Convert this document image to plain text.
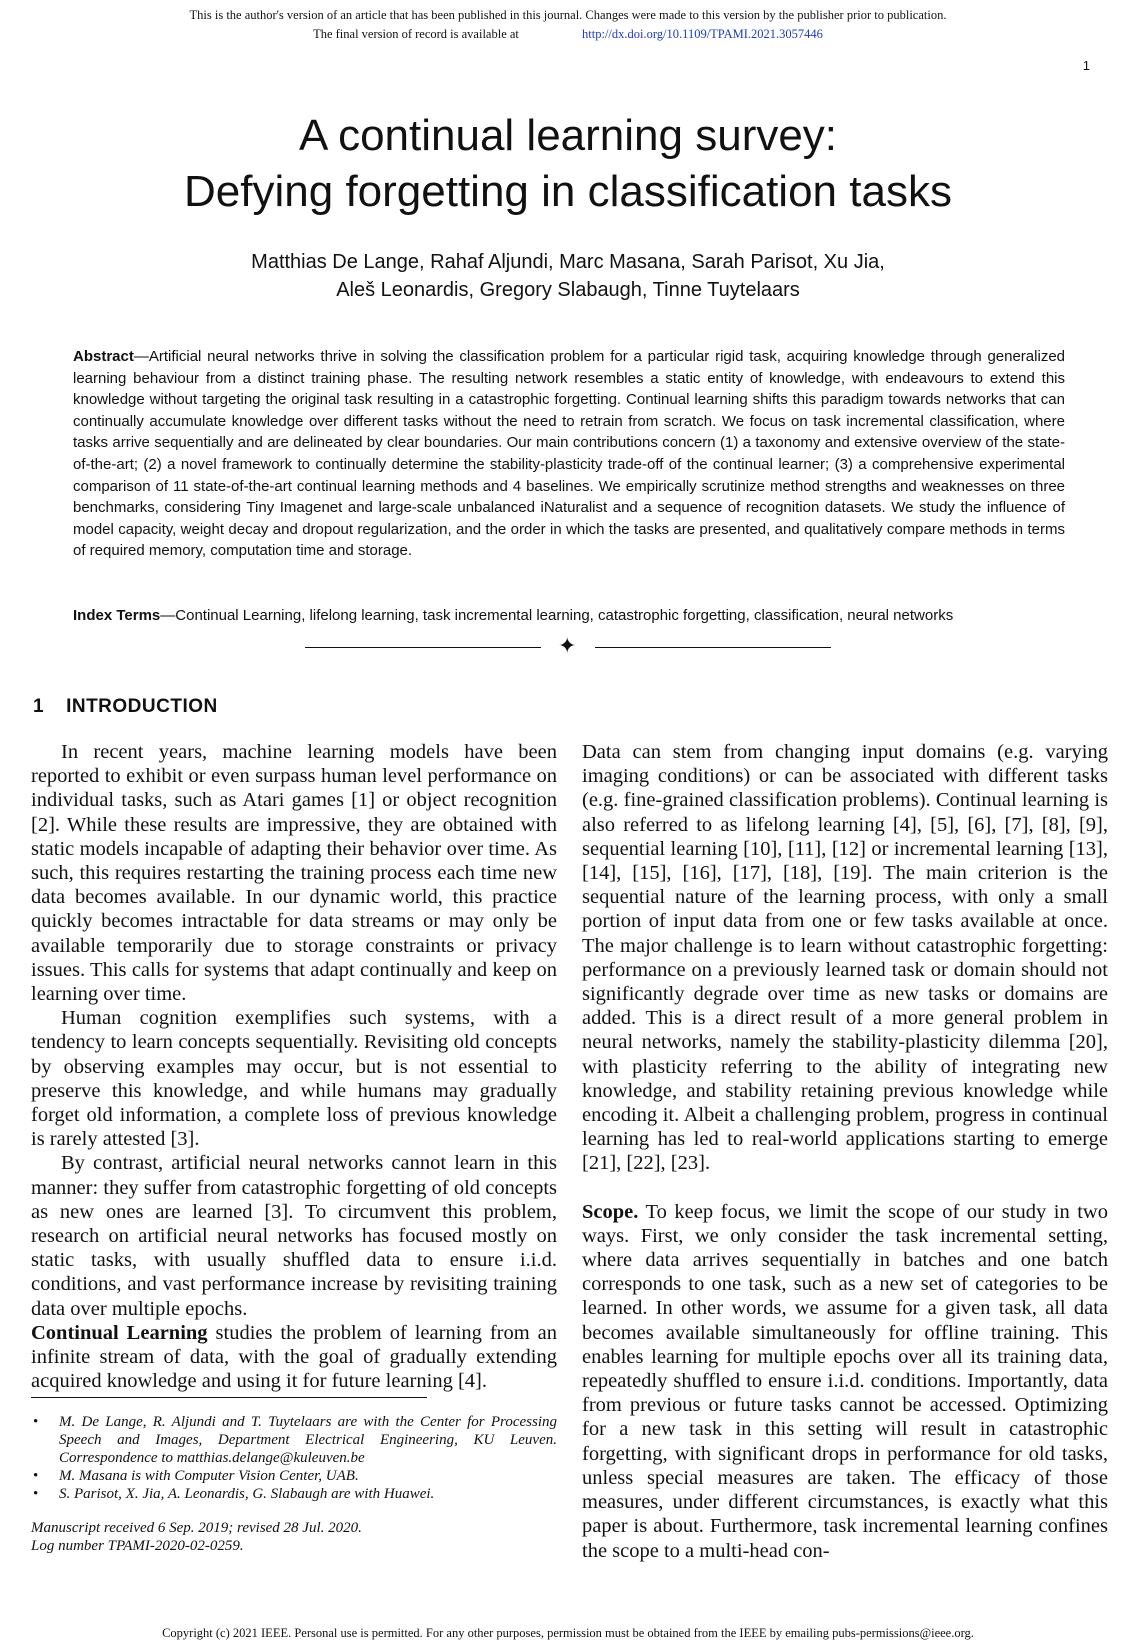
This is the author's version of an article that has been published in this journal. Changes were made to this version by the publisher prior to publication.
The final version of record is available at	http://dx.doi.org/10.1109/TPAMI.2021.3057446
1
A continual learning survey:
Defying forgetting in classification tasks
Matthias De Lange, Rahaf Aljundi, Marc Masana, Sarah Parisot, Xu Jia,
Aleš Leonardis, Gregory Slabaugh, Tinne Tuytelaars
Abstract—Artificial neural networks thrive in solving the classification problem for a particular rigid task, acquiring knowledge through generalized learning behaviour from a distinct training phase. The resulting network resembles a static entity of knowledge, with endeavours to extend this knowledge without targeting the original task resulting in a catastrophic forgetting. Continual learning shifts this paradigm towards networks that can continually accumulate knowledge over different tasks without the need to retrain from scratch. We focus on task incremental classification, where tasks arrive sequentially and are delineated by clear boundaries. Our main contributions concern (1) a taxonomy and extensive overview of the state-of-the-art; (2) a novel framework to continually determine the stability-plasticity trade-off of the continual learner; (3) a comprehensive experimental comparison of 11 state-of-the-art continual learning methods and 4 baselines. We empirically scrutinize method strengths and weaknesses on three benchmarks, considering Tiny Imagenet and large-scale unbalanced iNaturalist and a sequence of recognition datasets. We study the influence of model capacity, weight decay and dropout regularization, and the order in which the tasks are presented, and qualitatively compare methods in terms of required memory, computation time and storage.
Index Terms—Continual Learning, lifelong learning, task incremental learning, catastrophic forgetting, classification, neural networks
✦
1 INTRODUCTION

In recent years, machine learning models have been reported to exhibit or even surpass human level performance on individual tasks, such as Atari games [1] or object recognition [2]. While these results are impressive, they are obtained with static models incapable of adapting their behavior over time. As such, this requires restarting the training process each time new data becomes available. In our dynamic world, this practice quickly becomes intractable for data streams or may only be available temporarily due to storage constraints or privacy issues. This calls for systems that adapt continually and keep on learning over time.

Human cognition exemplifies such systems, with a tendency to learn concepts sequentially. Revisiting old concepts by observing examples may occur, but is not essential to preserve this knowledge, and while humans may gradually forget old information, a complete loss of previous knowledge is rarely attested [3].

By contrast, artificial neural networks cannot learn in this manner: they suffer from catastrophic forgetting of old concepts as new ones are learned [3]. To circumvent this problem, research on artificial neural networks has focused mostly on static tasks, with usually shuffled data to ensure i.i.d. conditions, and vast performance increase by revisiting training data over multiple epochs.

Continual Learning studies the problem of learning from an infinite stream of data, with the goal of gradually extending acquired knowledge and using it for future learning [4].

Data can stem from changing input domains (e.g. varying imaging conditions) or can be associated with different tasks (e.g. fine-grained classification problems). Continual learning is also referred to as lifelong learning [4], [5], [6], [7], [8], [9], sequential learning [10], [11], [12] or incremental learning [13], [14], [15], [16], [17], [18], [19]. The main criterion is the sequential nature of the learning process, with only a small portion of input data from one or few tasks available at once. The major challenge is to learn without catastrophic forgetting: performance on a previously learned task or domain should not significantly degrade over time as new tasks or domains are added. This is a direct result of a more general problem in neural networks, namely the stability-plasticity dilemma [20], with plasticity referring to the ability of integrating new knowledge, and stability retaining previous knowledge while encoding it. Albeit a challenging problem, progress in continual learning has led to real-world applications starting to emerge [21], [22], [23].

Scope. To keep focus, we limit the scope of our study in two ways. First, we only consider the task incremental setting, where data arrives sequentially in batches and one batch corresponds to one task, such as a new set of categories to be learned. In other words, we assume for a given task, all data becomes available simultaneously for offline training. This enables learning for multiple epochs over all its training data, repeatedly shuffled to ensure i.i.d. conditions. Importantly, data from previous or future tasks cannot be accessed. Optimizing for a new task in this setting will result in catastrophic forgetting, with significant drops in performance for old tasks, unless special measures are taken. The efficacy of those measures, under different circumstances, is exactly what this paper is about. Furthermore, task incremental learning confines the scope to a multi-head con-

• M. De Lange, R. Aljundi and T. Tuytelaars are with the Center for Processing Speech and Images, Department Electrical Engineering, KU Leuven. Correspondence to matthias.delange@kuleuven.be
• M. Masana is with Computer Vision Center, UAB.
• S. Parisot, X. Jia, A. Leonardis, G. Slabaugh are with Huawei.
Manuscript received 6 Sep. 2019; revised 28 Jul. 2020.
Log number TPAMI-2020-02-0259.
Copyright (c) 2021 IEEE. Personal use is permitted. For any other purposes, permission must be obtained from the IEEE by emailing pubs-permissions@ieee.org.
